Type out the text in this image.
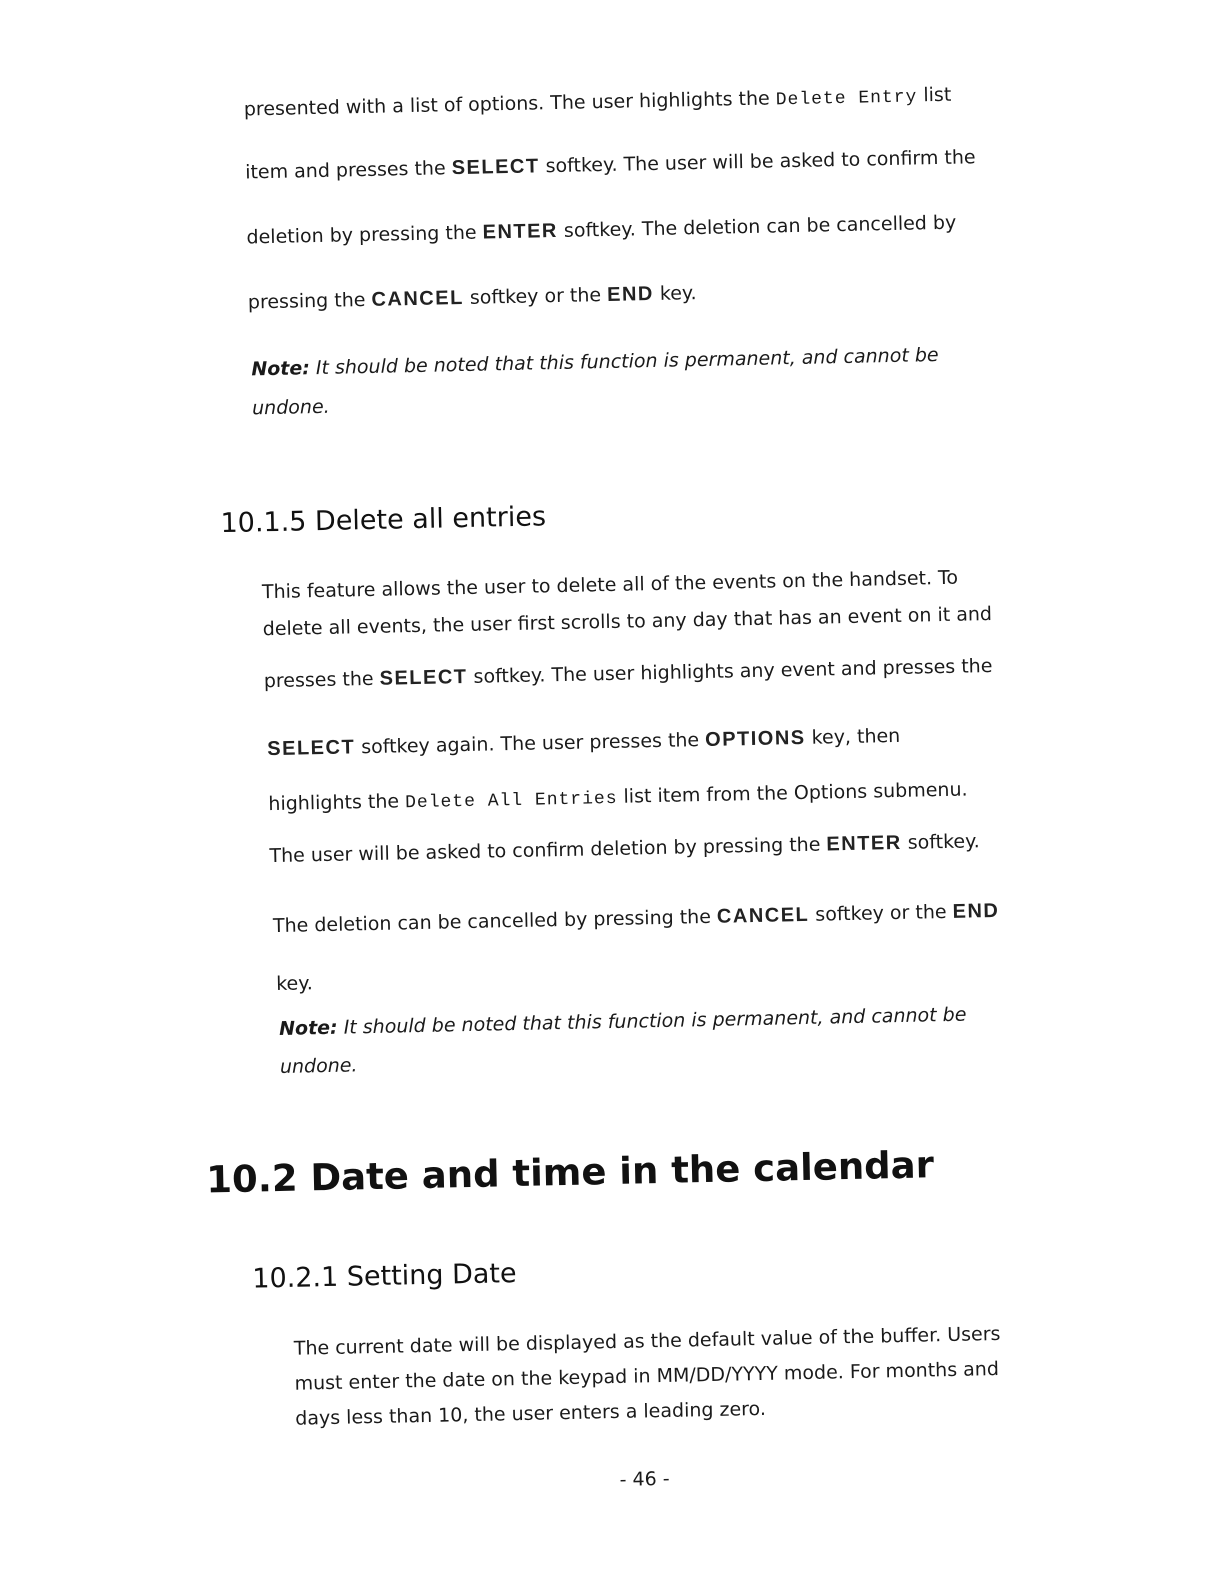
presented with a list of options. The user highlights the Delete Entry list
item and presses the SELECT softkey. The user will be asked to confirm the
deletion by pressing the ENTER softkey. The deletion can be cancelled by
pressing the CANCEL softkey or the END key.
Note: It should be noted that this function is permanent, and cannot be
undone.
10.1.5 Delete all entries
This feature allows the user to delete all of the events on the handset. To
delete all events, the user first scrolls to any day that has an event on it and
presses the SELECT softkey. The user highlights any event and presses the
SELECT softkey again. The user presses the OPTIONS key, then
highlights the Delete All Entries list item from the Options submenu.
The user will be asked to confirm deletion by pressing the ENTER softkey.
The deletion can be cancelled by pressing the CANCEL softkey or the END
key.
Note: It should be noted that this function is permanent, and cannot be
undone.
10.2 Date and time in the calendar
10.2.1 Setting Date
The current date will be displayed as the default value of the buffer. Users
must enter the date on the keypad in MM/DD/YYYY mode. For months and
days less than 10, the user enters a leading zero.
- 46 -
